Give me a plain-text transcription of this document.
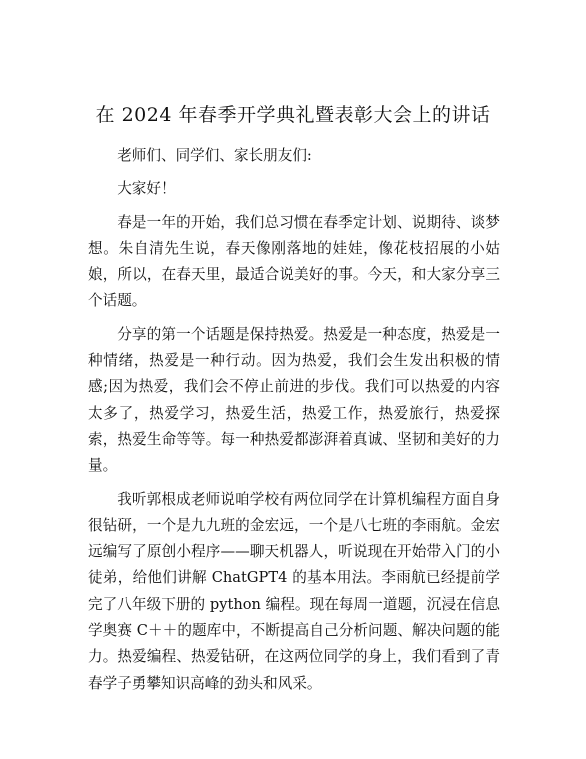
在 2024 年春季开学典礼暨表彰大会上的讲话

老师们、同学们、家长朋友们:

大家好！

春是一年的开始，我们总习惯在春季定计划、说期待、谈梦想。朱自清先生说，春天像刚落地的娃娃，像花枝招展的小姑娘，所以，在春天里，最适合说美好的事。今天，和大家分享三个话题。

分享的第一个话题是保持热爱。热爱是一种态度，热爱是一种情绪，热爱是一种行动。因为热爱，我们会生发出积极的情感;因为热爱，我们会不停止前进的步伐。我们可以热爱的内容太多了，热爱学习，热爱生活，热爱工作，热爱旅行，热爱探索，热爱生命等等。每一种热爱都澎湃着真诚、坚韧和美好的力量。

我听郭根成老师说咱学校有两位同学在计算机编程方面自身很钻研，一个是九九班的金宏远，一个是八七班的李雨航。金宏远编写了原创小程序——聊天机器人，听说现在开始带入门的小徒弟，给他们讲解 ChatGPT4 的基本用法。李雨航已经提前学完了八年级下册的 python 编程。现在每周一道题，沉浸在信息学奥赛 C＋＋的题库中，不断提高自己分析问题、解决问题的能力。热爱编程、热爱钻研，在这两位同学的身上，我们看到了青春学子勇攀知识高峰的劲头和风采。
